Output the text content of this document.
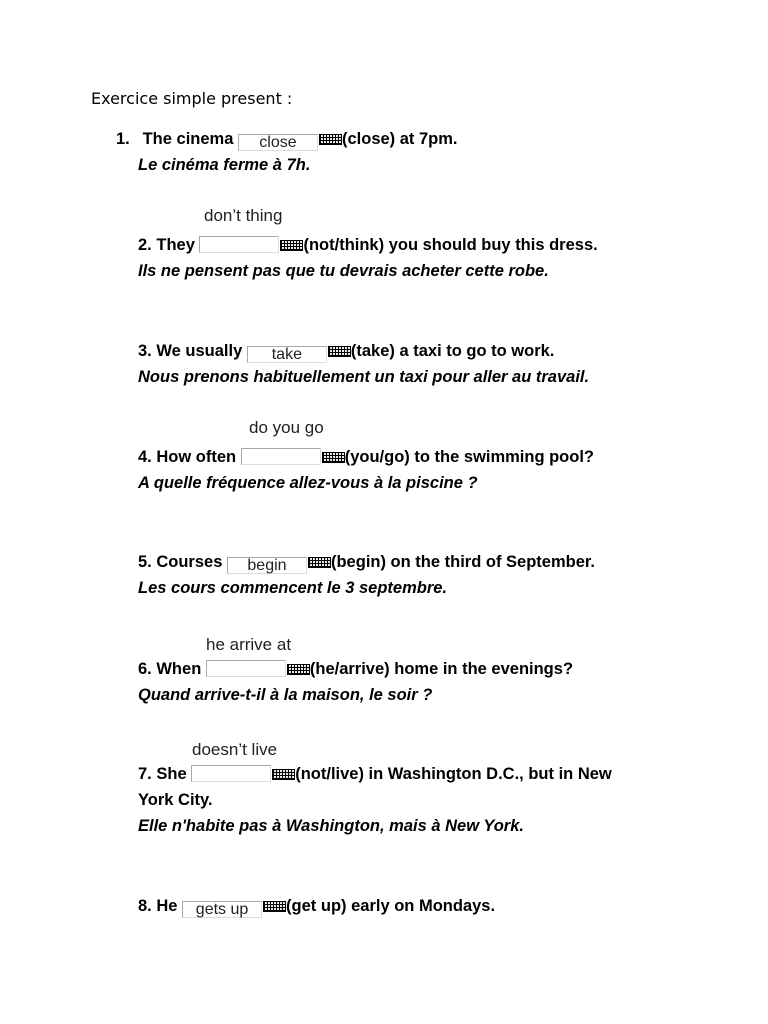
Exercice simple present :
1. The cinema close	(close) at 7pm.
Le cinéma ferme à 7h.
don’t thing
2. They	(not/think) you should buy this dress.
Ils ne pensent pas que tu devrais acheter cette robe.
3. We usually take	(take) a taxi to go to work.
Nous prenons habituellement un taxi pour aller au travail.
do you go
4. How often	(you/go) to the swimming pool?
A quelle fréquence allez-vous à la piscine ?
5. Courses begin	(begin) on the third of September.
Les cours commencent le 3 septembre.
he arrive at
6. When	(he/arrive) home in the evenings?
Quand arrive-t-il à la maison, le soir ?
doesn’t live
7. She	(not/live) in Washington D.C., but in New
York City.
Elle n'habite pas à Washington, mais à New York.
8. He gets up (get up) early on Mondays.
